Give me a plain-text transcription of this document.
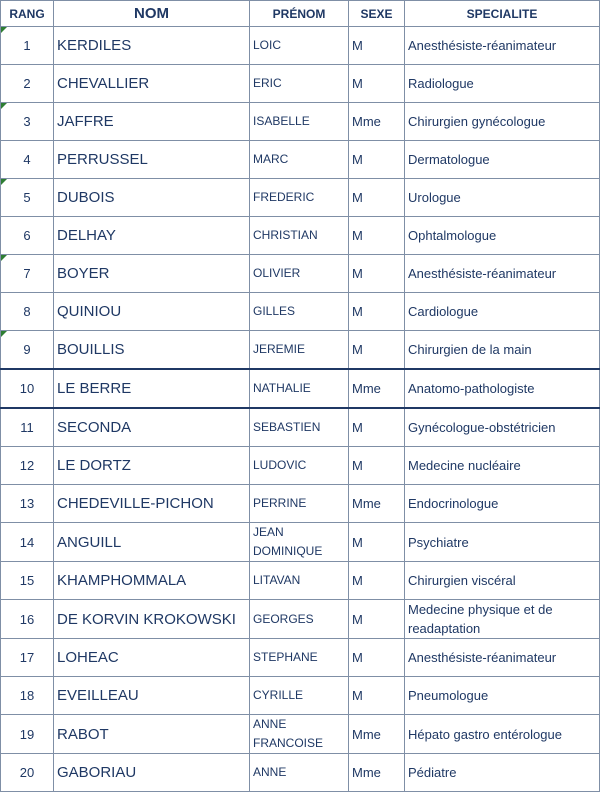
RANG	NOM	PRÉNOM	SEXE	SPECIALITE
1	KERDILES	LOIC	M	Anesthésiste-réanimateur
2	CHEVALLIER	ERIC	M	Radiologue
3	JAFFRE	ISABELLE	Mme	Chirurgien gynécologue
4	PERRUSSEL	MARC	M	Dermatologue
5	DUBOIS	FREDERIC	M	Urologue
6	DELHAY	CHRISTIAN	M	Ophtalmologue
7	BOYER	OLIVIER	M	Anesthésiste-réanimateur
8	QUINIOU	GILLES	M	Cardiologue
9	BOUILLIS	JEREMIE	M	Chirurgien de la main
10	LE BERRE	NATHALIE	Mme	Anatomo-pathologiste
11	SECONDA	SEBASTIEN	M	Gynécologue-obstétricien
12	LE DORTZ	LUDOVIC	M	Medecine nucléaire
13	CHEDEVILLE-PICHON	PERRINE	Mme	Endocrinologue
14	ANGUILL	JEAN DOMINIQUE	M	Psychiatre
15	KHAMPHOMMALA	LITAVAN	M	Chirurgien viscéral
16	DE KORVIN KROKOWSKI	GEORGES	M	Medecine physique et de readaptation
17	LOHEAC	STEPHANE	M	Anesthésiste-réanimateur
18	EVEILLEAU	CYRILLE	M	Pneumologue
19	RABOT	ANNE FRANCOISE	Mme	Hépato gastro entérologue
20	GABORIAU	ANNE	Mme	Pédiatre
